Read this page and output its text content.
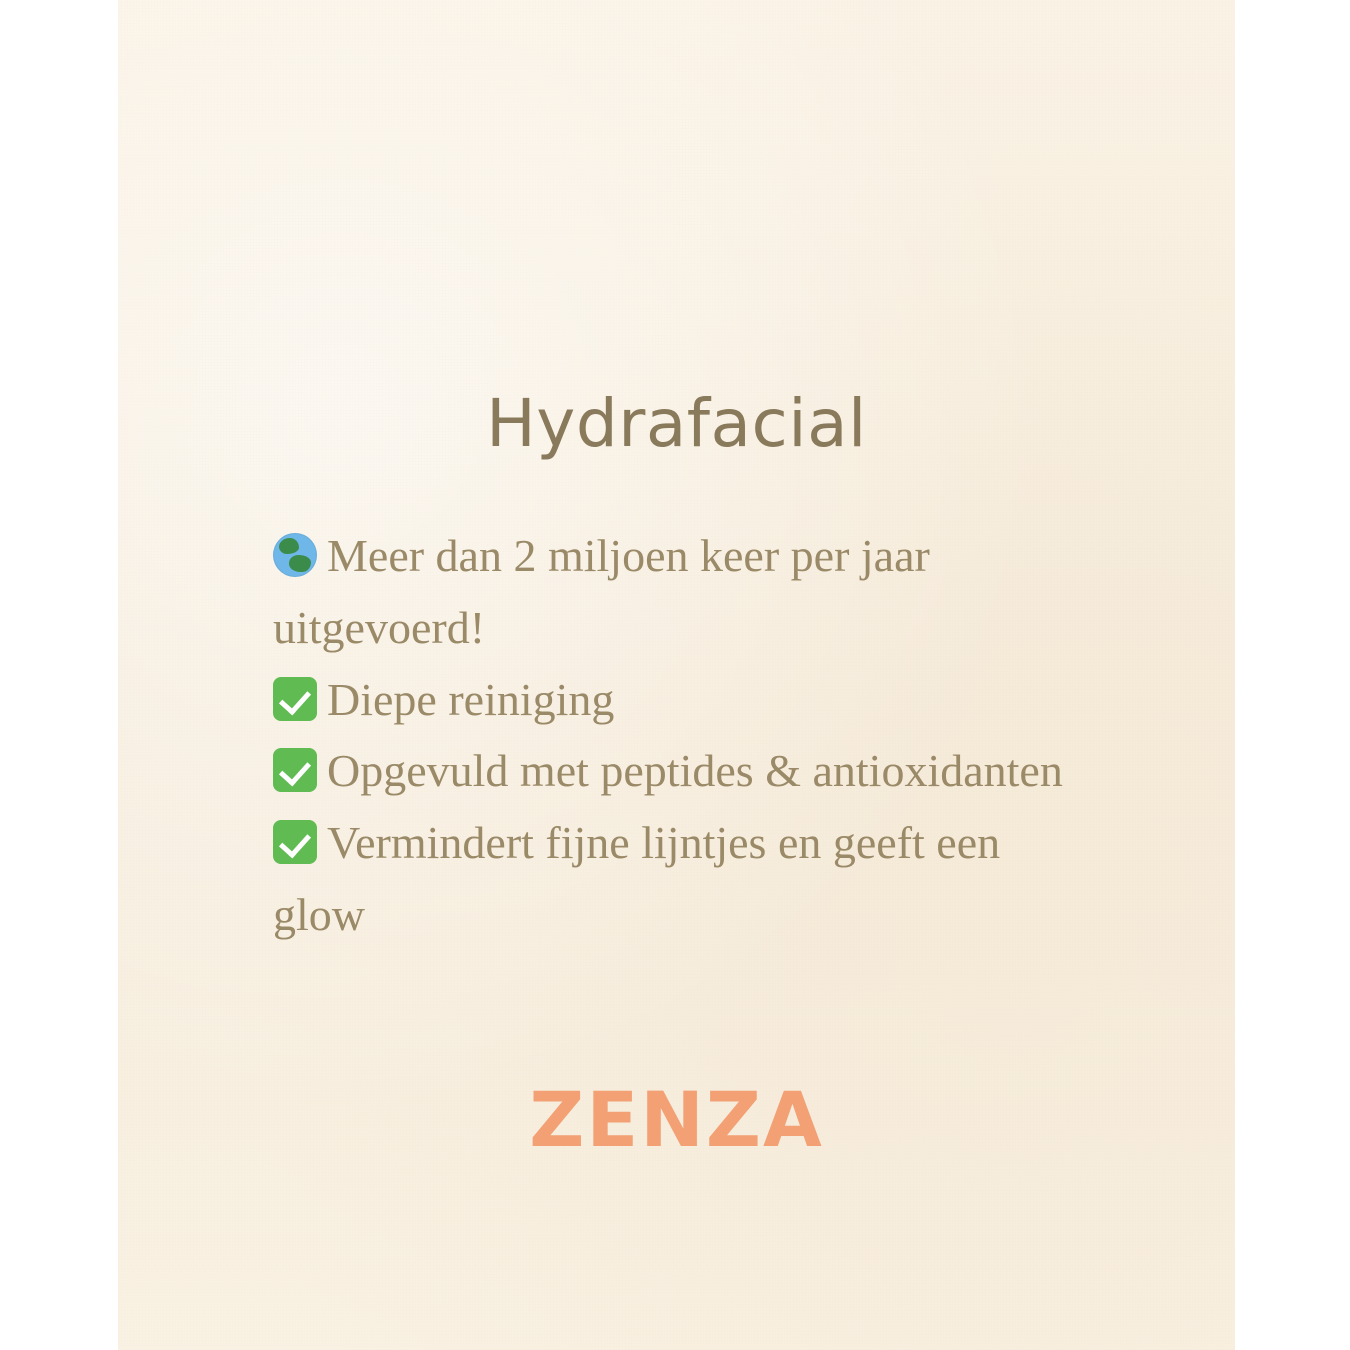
Hydrafacial

Meer dan 2 miljoen keer per jaar uitgevoerd!

Diepe reiniging

Opgevuld met peptides & antioxidanten

Vermindert fijne lijntjes en geeft een glow

ZENZA
